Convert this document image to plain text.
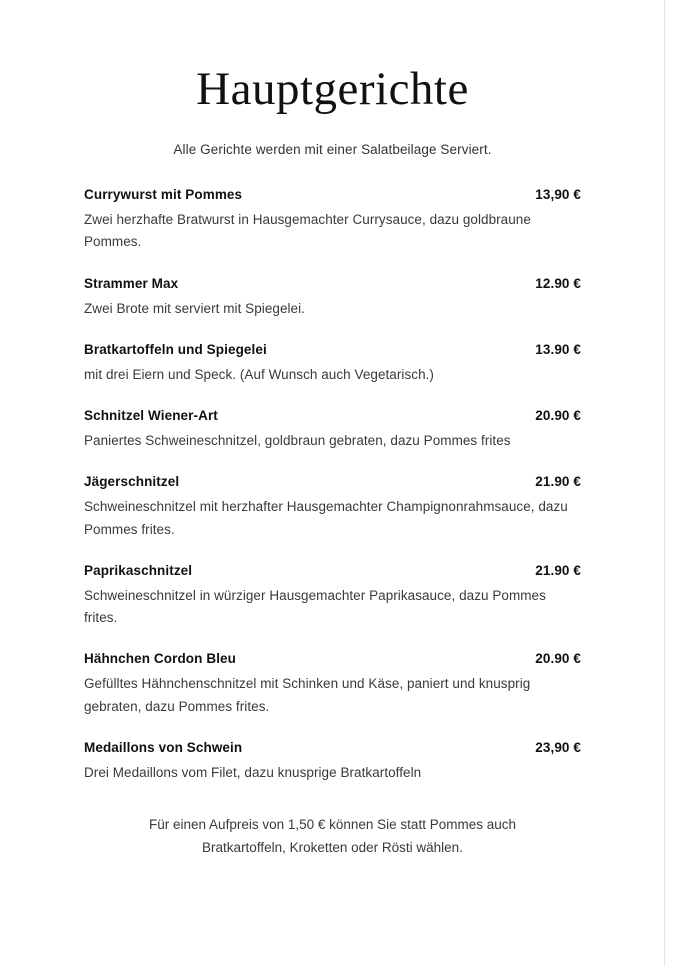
Hauptgerichte

Alle Gerichte werden mit einer Salatbeilage Serviert.

Currywurst mit Pommes	13,90 €
Zwei herzhafte Bratwurst in Hausgemachter Currysauce, dazu goldbraune Pommes.
Strammer Max	12.90 €
Zwei Brote mit serviert mit Spiegelei.
Bratkartoffeln und Spiegelei	13.90 €
mit drei Eiern und Speck. (Auf Wunsch auch Vegetarisch.)
Schnitzel Wiener-Art	20.90 €
Paniertes Schweineschnitzel, goldbraun gebraten, dazu Pommes frites
Jägerschnitzel	21.90 €
Schweineschnitzel mit herzhafter Hausgemachter Champignonrahmsauce, dazu Pommes frites.
Paprikaschnitzel	21.90 €
Schweineschnitzel in würziger Hausgemachter Paprikasauce, dazu Pommes frites.
Hähnchen Cordon Bleu	20.90 €
Gefülltes Hähnchenschnitzel mit Schinken und Käse, paniert und knusprig gebraten, dazu Pommes frites.
Medaillons von Schwein	23,90 €
Drei Medaillons vom Filet, dazu knusprige Bratkartoffeln
Für einen Aufpreis von 1,50 € können Sie statt Pommes auch Bratkartoffeln, Kroketten oder Rösti wählen.
